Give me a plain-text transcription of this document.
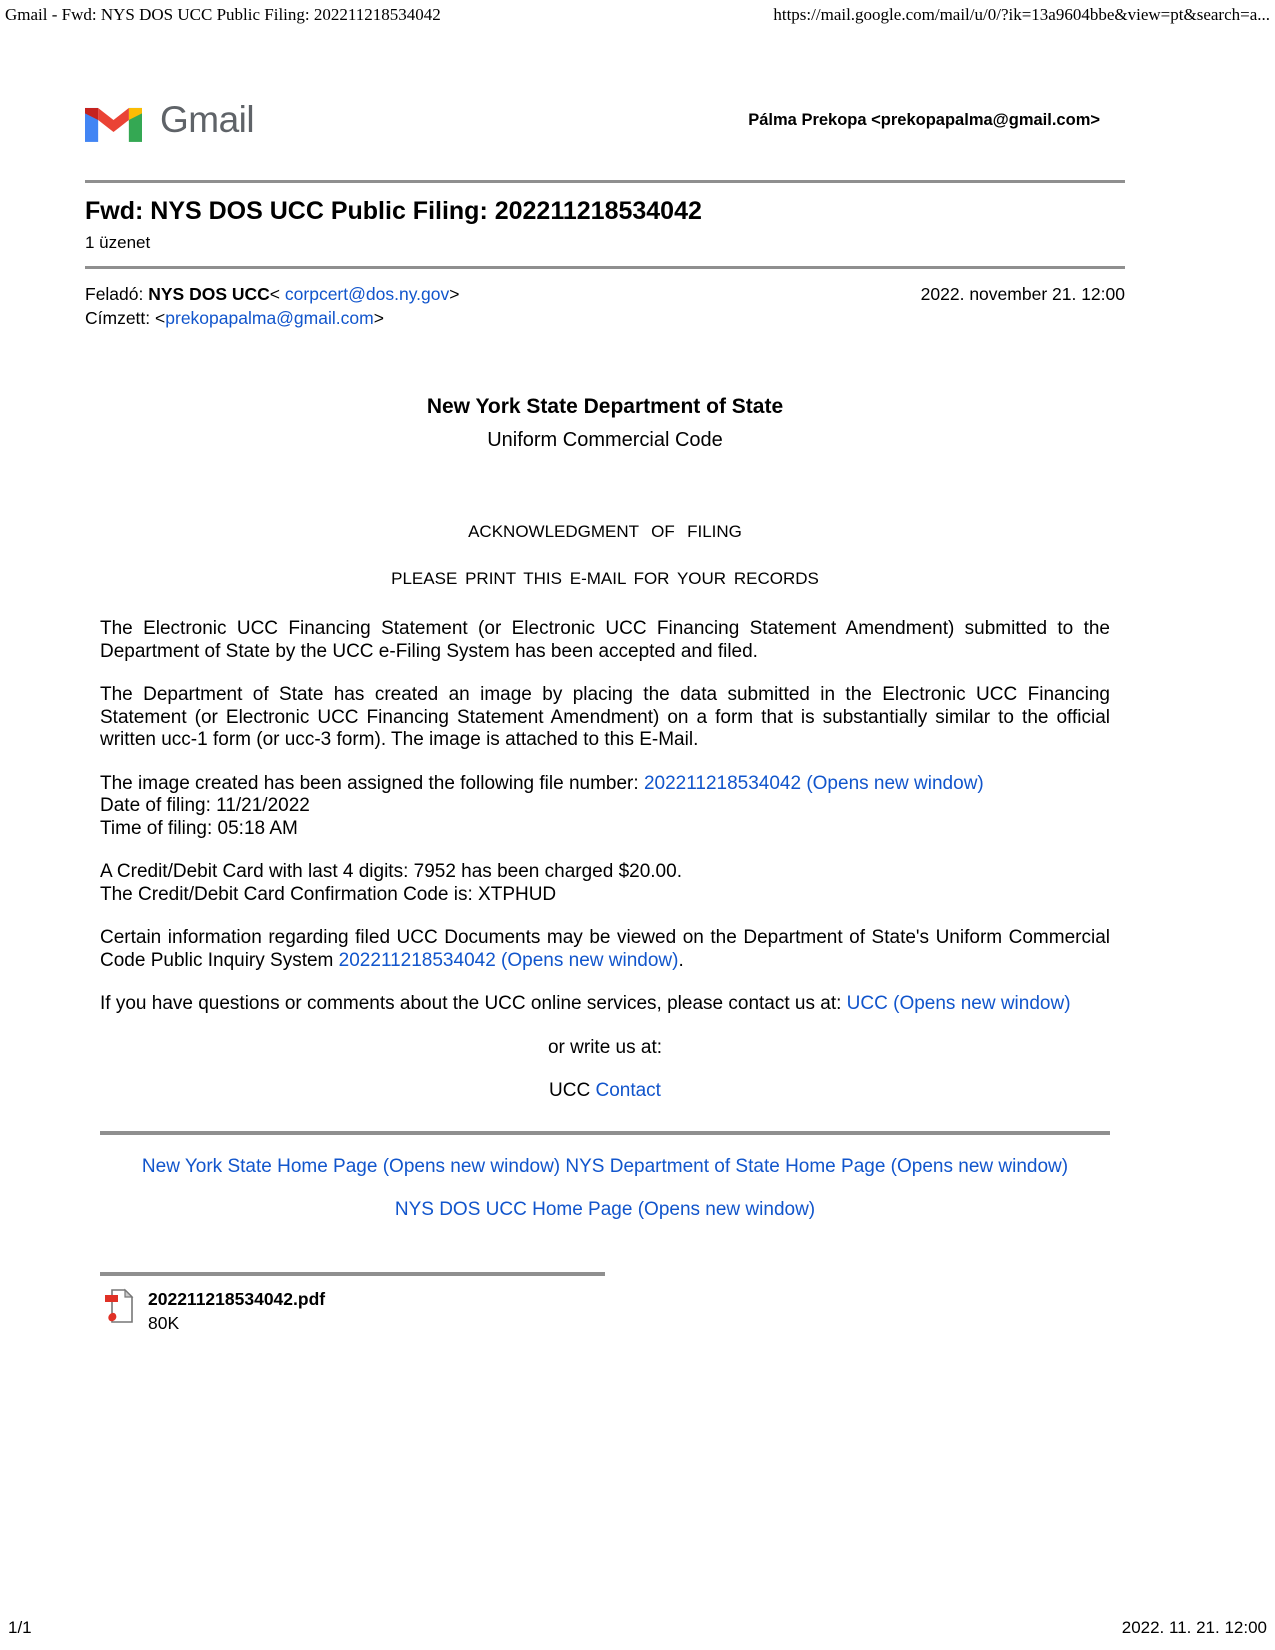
Gmail - Fwd: NYS DOS UCC Public Filing: 202211218534042	https://mail.google.com/mail/u/0/?ik=13a9604bbe&view=pt&search=a...
Gmail	Pálma Prekopa <prekopapalma@gmail.com>
Fwd: NYS DOS UCC Public Filing: 202211218534042
1 üzenet
Feladó: NYS DOS UCC< corpcert@dos.ny.gov>
Címzett: <prekopapalma@gmail.com>
2022. november 21. 12:00
New York State Department of State
Uniform Commercial Code
ACKNOWLEDGMENT OF FILING
PLEASE PRINT THIS E-MAIL FOR YOUR RECORDS

The Electronic UCC Financing Statement (or Electronic UCC Financing Statement Amendment) submitted to the Department of State by the UCC e-Filing System has been accepted and filed.

The Department of State has created an image by placing the data submitted in the Electronic UCC Financing Statement (or Electronic UCC Financing Statement Amendment) on a form that is substantially similar to the official written ucc-1 form (or ucc-3 form). The image is attached to this E-Mail.

The image created has been assigned the following file number: 202211218534042 (Opens new window)
Date of filing: 11/21/2022
Time of filing: 05:18 AM

A Credit/Debit Card with last 4 digits: 7952 has been charged $20.00.
The Credit/Debit Card Confirmation Code is: XTPHUD

Certain information regarding filed UCC Documents may be viewed on the Department of State's Uniform Commercial Code Public Inquiry System 202211218534042 (Opens new window).

If you have questions or comments about the UCC online services, please contact us at: UCC (Opens new window)

or write us at:

UCC Contact

New York State Home Page (Opens new window) NYS Department of State Home Page (Opens new window)

NYS DOS UCC Home Page (Opens new window)

202211218534042.pdf
80K
1/1	2022. 11. 21. 12:00
